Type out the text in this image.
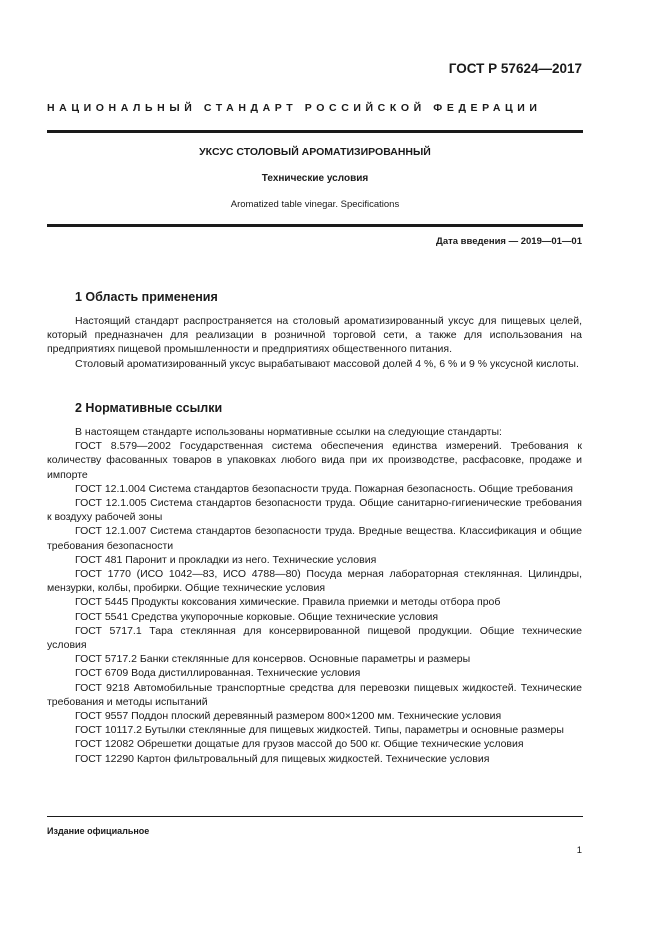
ГОСТ Р 57624—2017
НАЦИОНАЛЬНЫЙ СТАНДАРТ РОССИЙСКОЙ ФЕДЕРАЦИИ
УКСУС СТОЛОВЫЙ АРОМАТИЗИРОВАННЫЙ
Технические условия
Aromatized table vinegar. Specifications
Дата введения — 2019—01—01
1 Область применения

Настоящий стандарт распространяется на столовый ароматизированный уксус для пищевых целей, который предназначен для реализации в розничной торговой сети, а также для использования на предприятиях пищевой промышленности и предприятиях общественного питания.

Столовый ароматизированный уксус вырабатывают массовой долей 4 %, 6 % и 9 % уксусной кислоты.

2 Нормативные ссылки

В настоящем стандарте использованы нормативные ссылки на следующие стандарты:

ГОСТ 8.579—2002 Государственная система обеспечения единства измерений. Требования к количеству фасованных товаров в упаковках любого вида при их производстве, расфасовке, продаже и импорте

ГОСТ 12.1.004 Система стандартов безопасности труда. Пожарная безопасность. Общие требования

ГОСТ 12.1.005 Система стандартов безопасности труда. Общие санитарно-гигиенические требования к воздуху рабочей зоны

ГОСТ 12.1.007 Система стандартов безопасности труда. Вредные вещества. Классификация и общие требования безопасности

ГОСТ 481 Паронит и прокладки из него. Технические условия

ГОСТ 1770 (ИСО 1042—83, ИСО 4788—80) Посуда мерная лабораторная стеклянная. Цилиндры, мензурки, колбы, пробирки. Общие технические условия

ГОСТ 5445 Продукты коксования химические. Правила приемки и методы отбора проб

ГОСТ 5541 Средства укупорочные корковые. Общие технические условия

ГОСТ 5717.1 Тара стеклянная для консервированной пищевой продукции. Общие технические условия

ГОСТ 5717.2 Банки стеклянные для консервов. Основные параметры и размеры

ГОСТ 6709 Вода дистиллированная. Технические условия

ГОСТ 9218 Автомобильные транспортные средства для перевозки пищевых жидкостей. Технические требования и методы испытаний

ГОСТ 9557 Поддон плоский деревянный размером 800×1200 мм. Технические условия

ГОСТ 10117.2 Бутылки стеклянные для пищевых жидкостей. Типы, параметры и основные размеры

ГОСТ 12082 Обрешетки дощатые для грузов массой до 500 кг. Общие технические условия

ГОСТ 12290 Картон фильтровальный для пищевых жидкостей. Технические условия

Издание официальное
1
